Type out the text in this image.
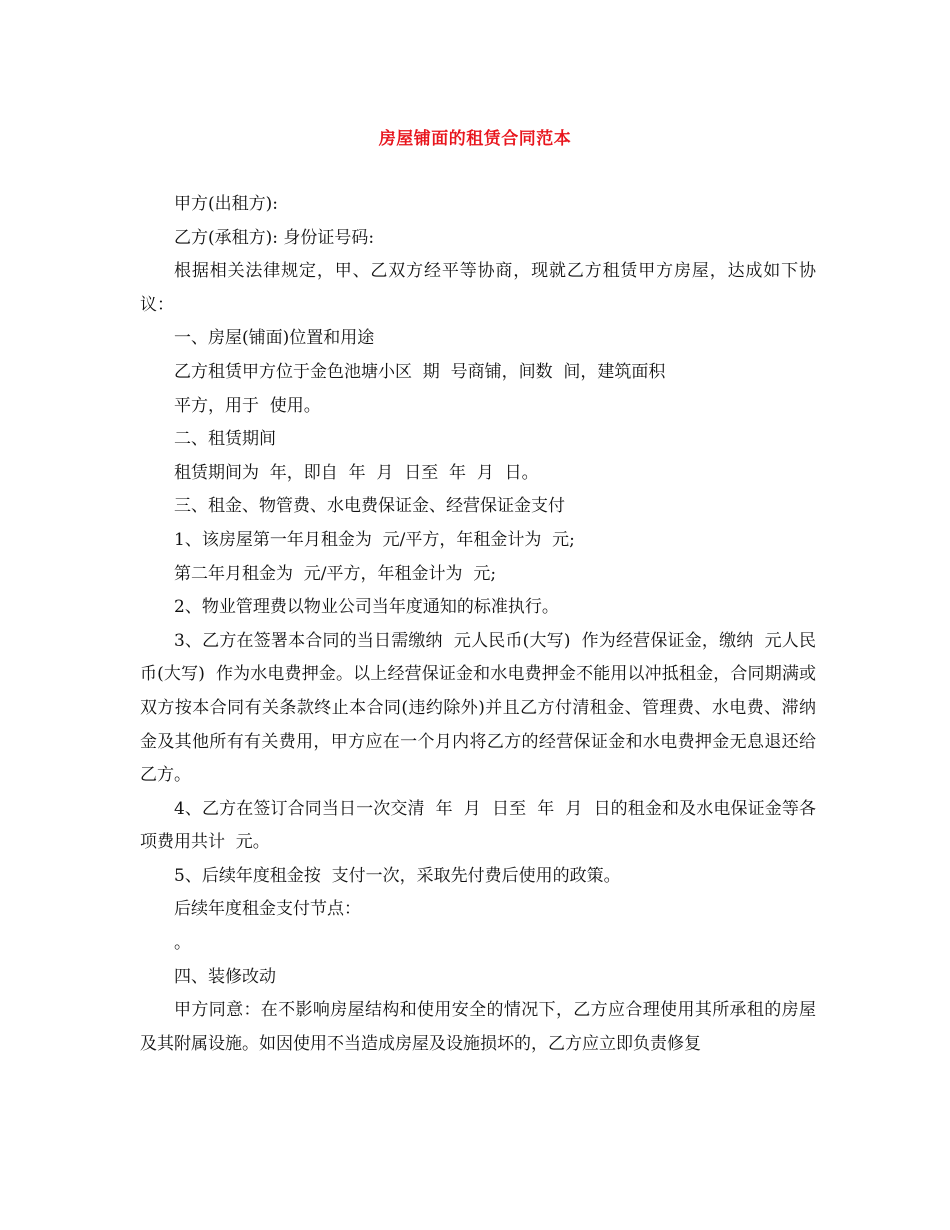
房屋铺面的租赁合同范本

甲方(出租方):

乙方(承租方): 身份证号码:

根据相关法律规定，甲、乙双方经平等协商，现就乙方租赁甲方房屋，达成如下协议：

一、房屋(铺面)位置和用途

乙方租赁甲方位于金色池塘小区  期  号商铺，间数  间，建筑面积

平方，用于  使用。

二、租赁期间

租赁期间为  年，即自  年  月  日至  年  月  日。

三、租金、物管费、水电费保证金、经营保证金支付

1、该房屋第一年月租金为  元/平方，年租金计为  元;

第二年月租金为  元/平方，年租金计为  元;

2、物业管理费以物业公司当年度通知的标准执行。

3、乙方在签署本合同的当日需缴纳  元人民币(大写)  作为经营保证金，缴纳  元人民币(大写)  作为水电费押金。以上经营保证金和水电费押金不能用以冲抵租金，合同期满或双方按本合同有关条款终止本合同(违约除外)并且乙方付清租金、管理费、水电费、滞纳金及其他所有有关费用，甲方应在一个月内将乙方的经营保证金和水电费押金无息退还给乙方。

4、乙方在签订合同当日一次交清  年  月  日至  年  月  日的租金和及水电保证金等各项费用共计  元。

5、后续年度租金按  支付一次，采取先付费后使用的政策。

后续年度租金支付节点：

。

四、装修改动

甲方同意：在不影响房屋结构和使用安全的情况下，乙方应合理使用其所承租的房屋及其附属设施。如因使用不当造成房屋及设施损坏的，乙方应立即负责修复
